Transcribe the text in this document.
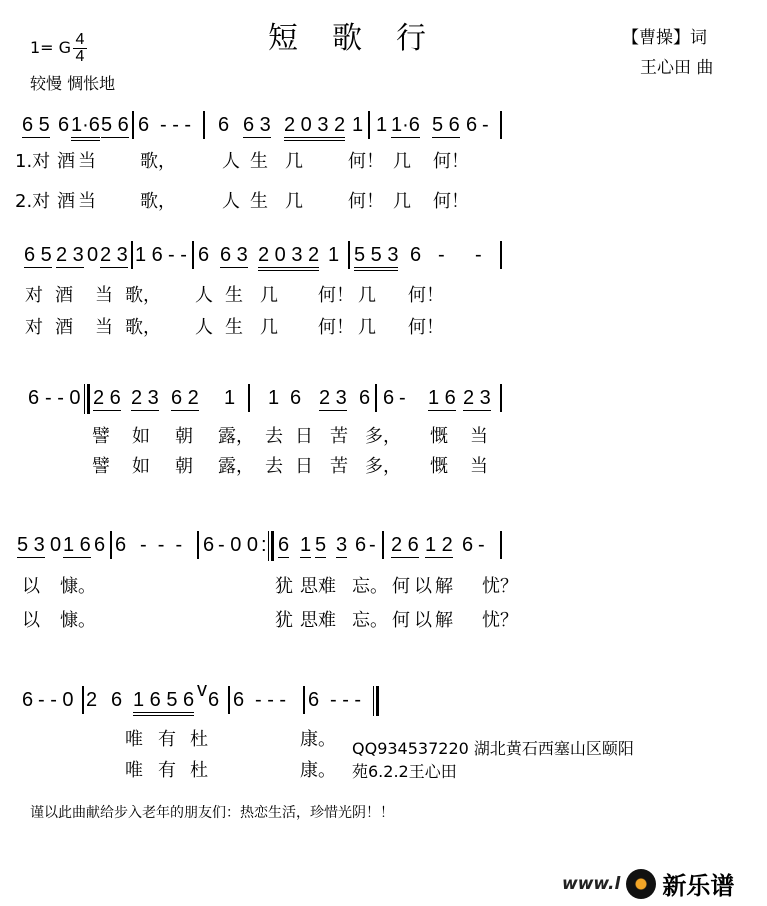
1= G $\frac{4}{4}$	短歌行	【曹操】词
王心田 曲
较慢 惆怅地
6 5 6 1·6 5 6 6 - - - 6 6 3 2 0 3 2 1 1 1·6 5 6 6 -
1.对 酒 当 歌，	人 生 几	何！ 几 何！
2.对 酒 当 歌，	人 生 几	何！ 几 何！
6 5 2 3 0 2 3 1 6 - - 6 6 3 2 0 3 2 1 5 5 3 6 - -
对 酒 当 歌， 人 生 几 何！ 几 何！
对 酒 当 歌， 人 生 几 何！ 几 何！
6 - - 0 2 6 2 3 6 2 1 1 6 2 3 6 6 - 1 6 2 3
譬 如 朝 露， 去 日 苦 多， 慨 当
譬 如 朝 露， 去 日 苦 多， 慨 当
5 3 0 1 6 6 6 -  -  - 6 - 0 0 : 6 1 5 3 6 - 2 6 1 2 6 -
以 慷。	犹 思难 忘。 何 以 解 忧？
以 慷。	犹 思难 忘。 何 以 解 忧？
6 - - 0 2 6 1 6 5 6 v 6 6 - - - 6 - - -
唯 有 杜	康。
唯 有 杜	康。
QQ934537220 湖北黄石西塞山区颐阳
苑6.2.2王心田
谨以此曲献给步入老年的朋友们：热恋生活，珍惜光阴！！
www.l 新乐谱
